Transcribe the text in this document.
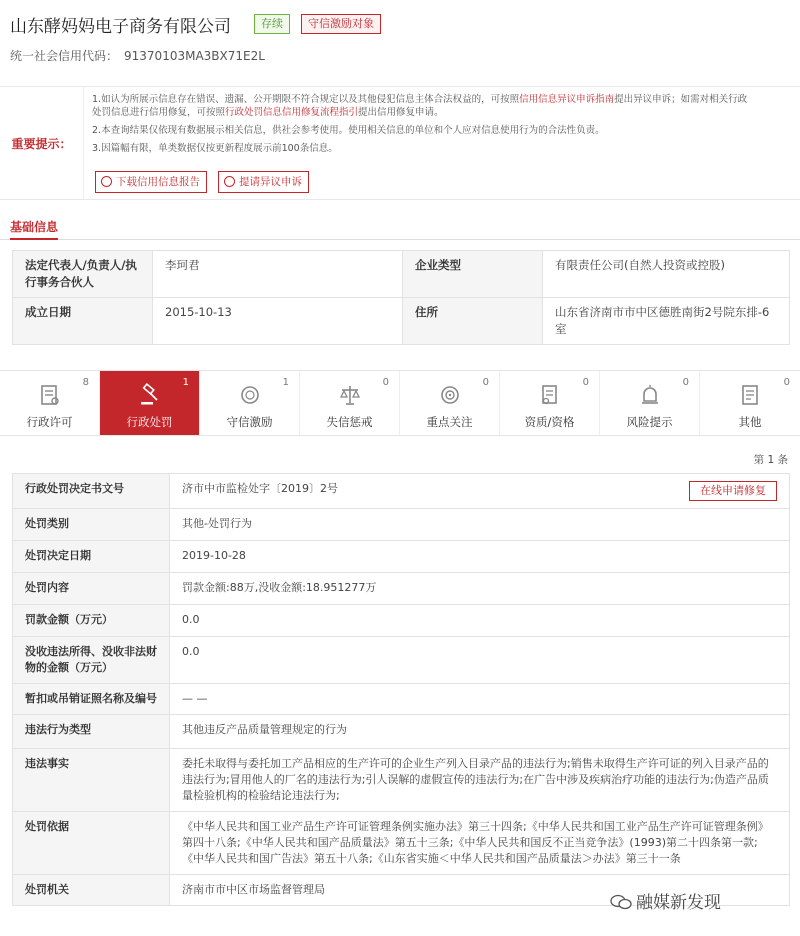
山东酵妈妈电子商务有限公司	存续	守信激励对象
统一社会信用代码： 91370103MA3BX71E2L
重要提示：
1.如认为所展示信息存在错误、遗漏、公开期限不符合规定以及其他侵犯信息主体合法权益的，可按照信用信息异议申诉指南提出异议申诉；如需对相关行政
处罚信息进行信用修复，可按照行政处罚信息信用修复流程指引提出信用修复申请。
2.本查询结果仅依现有数据展示相关信息，供社会参考使用。使用相关信息的单位和个人应对信息使用行为的合法性负责。
3.因篇幅有限，单类数据仅按更新程度展示前100条信息。
下载信用信息报告	提请异议申诉
基础信息
法定代表人/负责人/执行事务合伙人	李珂君	企业类型	有限责任公司(自然人投资或控股)
成立日期	2015-10-13	住所	山东省济南市市中区德胜南街2号院东排-6室
8
行政许可
1
行政处罚
1
守信激励
0
失信惩戒
0
重点关注
0
资质/资格
0
风险提示
0
其他
第 1 条
行政处罚决定书文号	济市中市监检处字〔2019〕2号 在线申请修复

处罚类别	其他-处罚行为
处罚决定日期	2019-10-28
处罚内容	罚款金额:88万,没收金额:18.951277万
罚款金额（万元）	0.0
没收违法所得、没收非法财物的金额（万元）	0.0
暂扣或吊销证照名称及编号	— —
违法行为类型	其他违反产品质量管理规定的行为
违法事实	委托未取得与委托加工产品相应的生产许可的企业生产列入目录产品的违法行为;销售未取得生产许可证的列入目录产品的违法行为;冒用他人的厂名的违法行为;引人误解的虚假宣传的违法行为;在广告中涉及疾病治疗功能的违法行为;伪造产品质量检验机构的检验结论违法行为;
处罚依据	《中华人民共和国工业产品生产许可证管理条例实施办法》第三十四条;《中华人民共和国工业产品生产许可证管理条例》第四十八条;《中华人民共和国产品质量法》第五十三条;《中华人民共和国反不正当竞争法》(1993)第二十四条第一款;《中华人民共和国广告法》第五十八条;《山东省实施＜中华人民共和国产品质量法＞办法》第三十一条
处罚机关	济南市市中区市场监督管理局
融媒新发现
